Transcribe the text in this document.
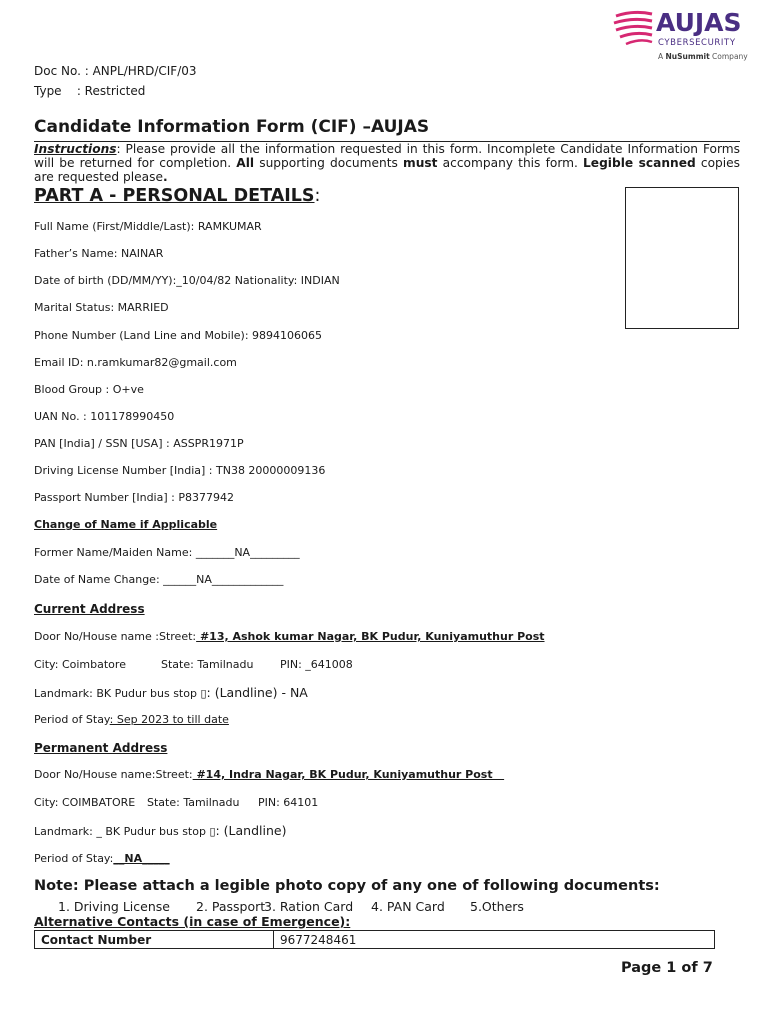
AUJAS
CYBERSECURITY
A NuSummit Company
Doc No. : ANPL/HRD/CIF/03
Type    : Restricted
Candidate Information Form (CIF) –AUJAS
Instructions: Please provide all the information requested in this form. Incomplete Candidate Information Forms will be returned for completion. All supporting documents must accompany this form. Legible scanned copies are requested please.
PART A - PERSONAL DETAILS:
Full Name (First/Middle/Last): RAMKUMAR
Father’s Name: NAINAR
Date of birth (DD/MM/YY):_10/04/82 Nationality: INDIAN
Marital Status: MARRIED
Phone Number (Land Line and Mobile): 9894106065
Email ID: n.ramkumar82@gmail.com
Blood Group : O+ve
UAN No. : 101178990450
PAN [India] / SSN [USA] : ASSPR1971P
Driving License Number [India] : TN38 20000009136
Passport Number [India] : P8377942
Change of Name if Applicable
Former Name/Maiden Name: _______NA_________
Date of Name Change: ______NA_____________
Current Address
Door No/House name :Street: #13, Ashok kumar Nagar, BK Pudur, Kuniyamuthur Post
City: Coimbatore	State: Tamilnadu PIN: _641008
Landmark: BK Pudur bus stop ▯: (Landline) - NA
Period of Stay: Sep 2023 to till date
Permanent Address
Door No/House name:Street: #14, Indra Nagar, BK Pudur, Kuniyamuthur Post
City: COIMBATORE State: Tamilnadu PIN: 64101
Landmark: _ BK Pudur bus stop ▯: (Landline)
Period of Stay:__NA_____
Note: Please attach a legible photo copy of any one of following documents:
1. Driving License 2. Passport
3. Ration Card 4. PAN Card 5.Others
Alternative Contacts (in case of Emergence):
Contact Number	9677248461
Page 1 of 7
